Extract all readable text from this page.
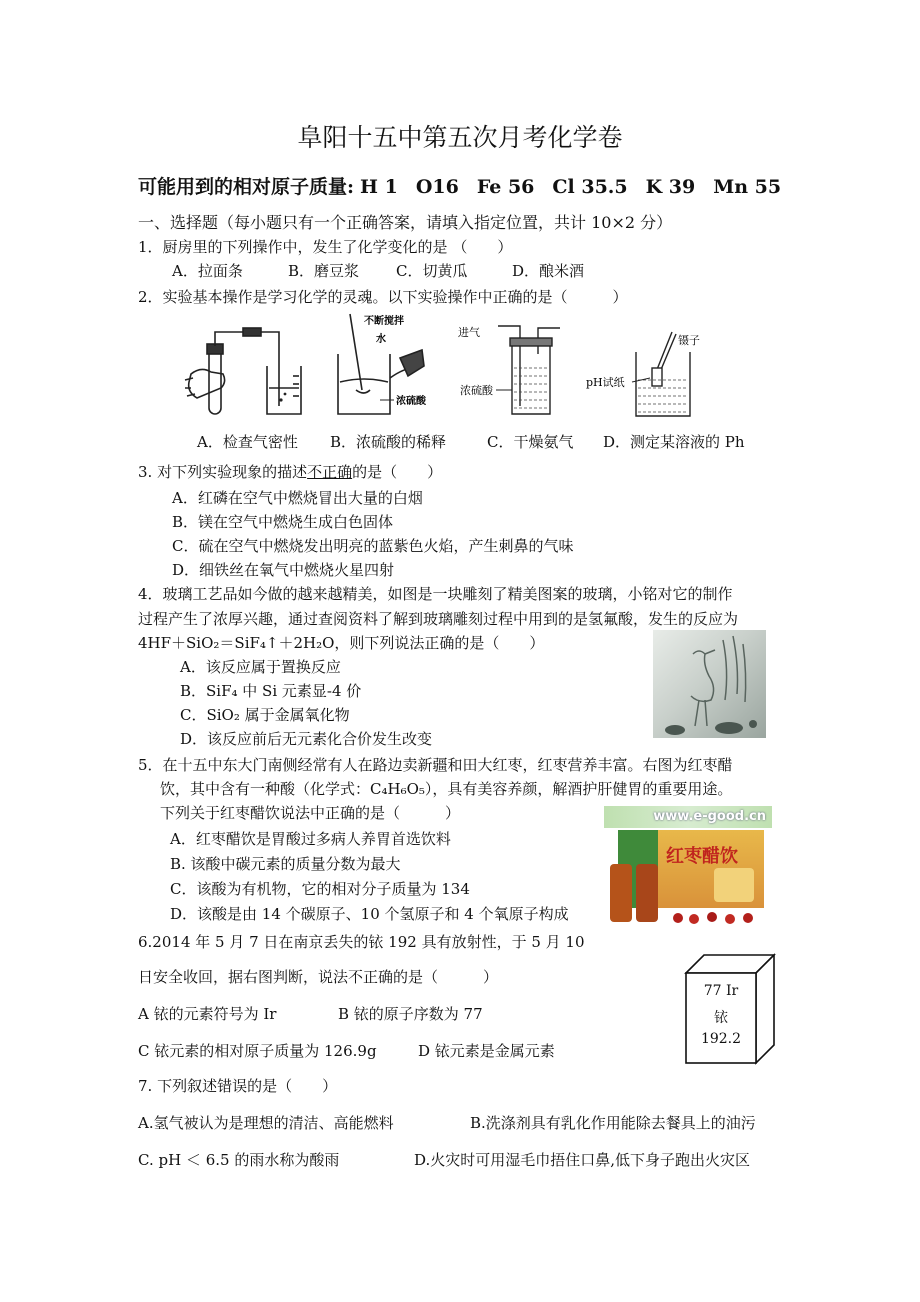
阜阳十五中第五次月考化学卷
可能用到的相对原子质量: H 1 O16 Fe 56 Cl 35.5 K 39 Mn 55
一、选择题（每小题只有一个正确答案，请填入指定位置，共计 10×2 分）
1．厨房里的下列操作中，发生了化学变化的是 （　　）
A．拉面条	B．磨豆浆 C．切黄瓜	D．酿米酒
2．实验基本操作是学习化学的灵魂。以下实验操作中正确的是（　　　）
不断搅拌
水
浓硫酸
进气
浓硫酸
镊子
pH试纸
A．检查气密性 B．浓硫酸的稀释	C．干燥氨气 D．测定某溶液的 Ph
3. 对下列实验现象的描述不正确的是（　　）
A．红磷在空气中燃烧冒出大量的白烟
B．镁在空气中燃烧生成白色固体
C．硫在空气中燃烧发出明亮的蓝紫色火焰，产生刺鼻的气味
D．细铁丝在氧气中燃烧火星四射
4．玻璃工艺品如今做的越来越精美，如图是一块雕刻了精美图案的玻璃，小铭对它的制作
过程产生了浓厚兴趣，通过查阅资料了解到玻璃雕刻过程中用到的是氢氟酸，发生的反应为
4HF＋SiO₂＝SiF₄↑＋2H₂O，则下列说法正确的是（　　）
A．该反应属于置换反应
B．SiF₄ 中 Si 元素显-4 价
C．SiO₂ 属于金属氧化物
D．该反应前后无元素化合价发生改变
5．在十五中东大门南侧经常有人在路边卖新疆和田大红枣，红枣营养丰富。右图为红枣醋
饮，其中含有一种酸（化学式：C₄H₆O₅），具有美容养颜，解酒护肝健胃的重要用途。
下列关于红枣醋饮说法中正确的是（　　　）
A．红枣醋饮是胃酸过多病人养胃首选饮料
B. 该酸中碳元素的质量分数为最大
C．该酸为有机物，它的相对分子质量为 134
D．该酸是由 14 个碳原子、10 个氢原子和 4 个氧原子构成
www.e-good.cn
红枣醋饮
6.2014 年 5 月 7 日在南京丢失的铱 192 具有放射性，于 5 月 10
日安全收回，据右图判断，说法不正确的是（　　　）
A 铱的元素符号为 Ir	B 铱的原子序数为 77
C 铱元素的相对原子质量为 126.9g	D 铱元素是金属元素
77 Ir
铱
192.2
7. 下列叙述错误的是（　　）
A.氢气被认为是理想的清洁、高能燃料	B.洗涤剂具有乳化作用能除去餐具上的油污
C. pH ＜ 6.5 的雨水称为酸雨	D.火灾时可用湿毛巾捂住口鼻,低下身子跑出火灾区
